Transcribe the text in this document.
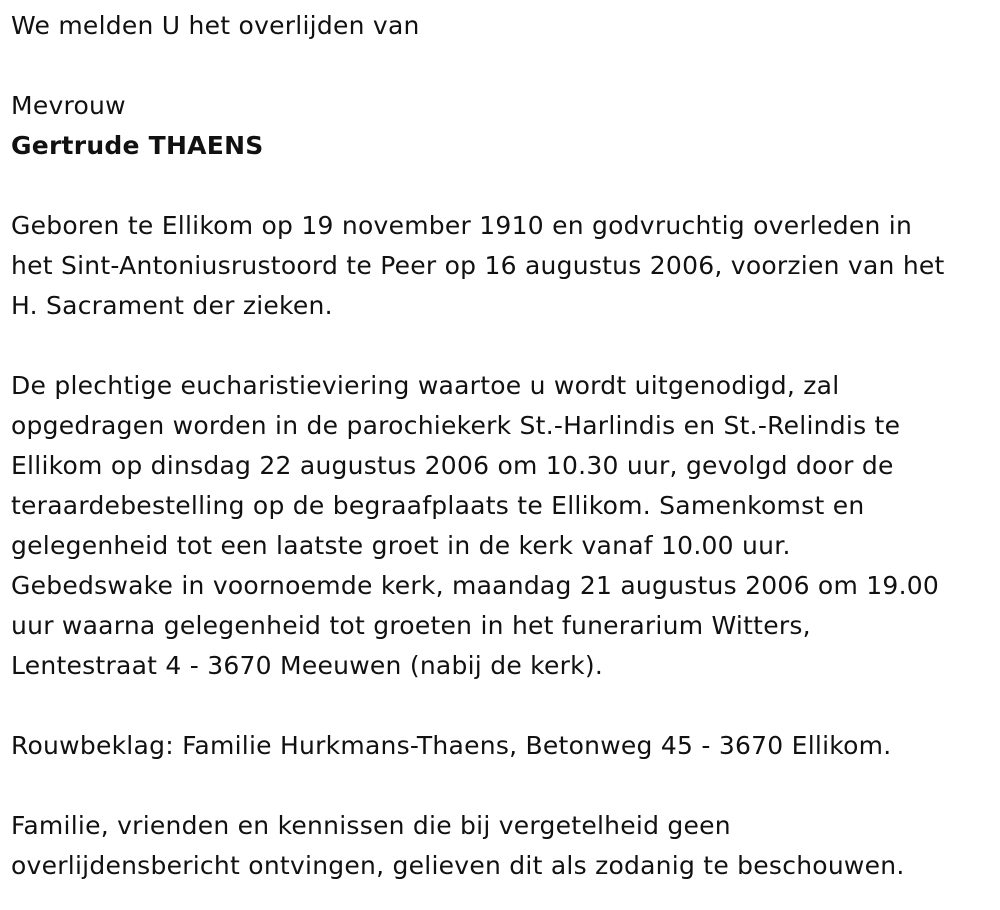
We melden U het overlijden van
Mevrouw
Gertrude THAENS
Geboren te Ellikom op 19 november 1910 en godvruchtig overleden in
het Sint-Antoniusrustoord te Peer op 16 augustus 2006, voorzien van het
H. Sacrament der zieken.
De plechtige eucharistieviering waartoe u wordt uitgenodigd, zal
opgedragen worden in de parochiekerk St.-Harlindis en St.-Relindis te
Ellikom op dinsdag 22 augustus 2006 om 10.30 uur, gevolgd door de
teraardebestelling op de begraafplaats te Ellikom. Samenkomst en
gelegenheid tot een laatste groet in de kerk vanaf 10.00 uur.
Gebedswake in voornoemde kerk, maandag 21 augustus 2006 om 19.00
uur waarna gelegenheid tot groeten in het funerarium Witters,
Lentestraat 4 - 3670 Meeuwen (nabij de kerk).
Rouwbeklag: Familie Hurkmans-Thaens, Betonweg 45 - 3670 Ellikom.
Familie, vrienden en kennissen die bij vergetelheid geen
overlijdensbericht ontvingen, gelieven dit als zodanig te beschouwen.
